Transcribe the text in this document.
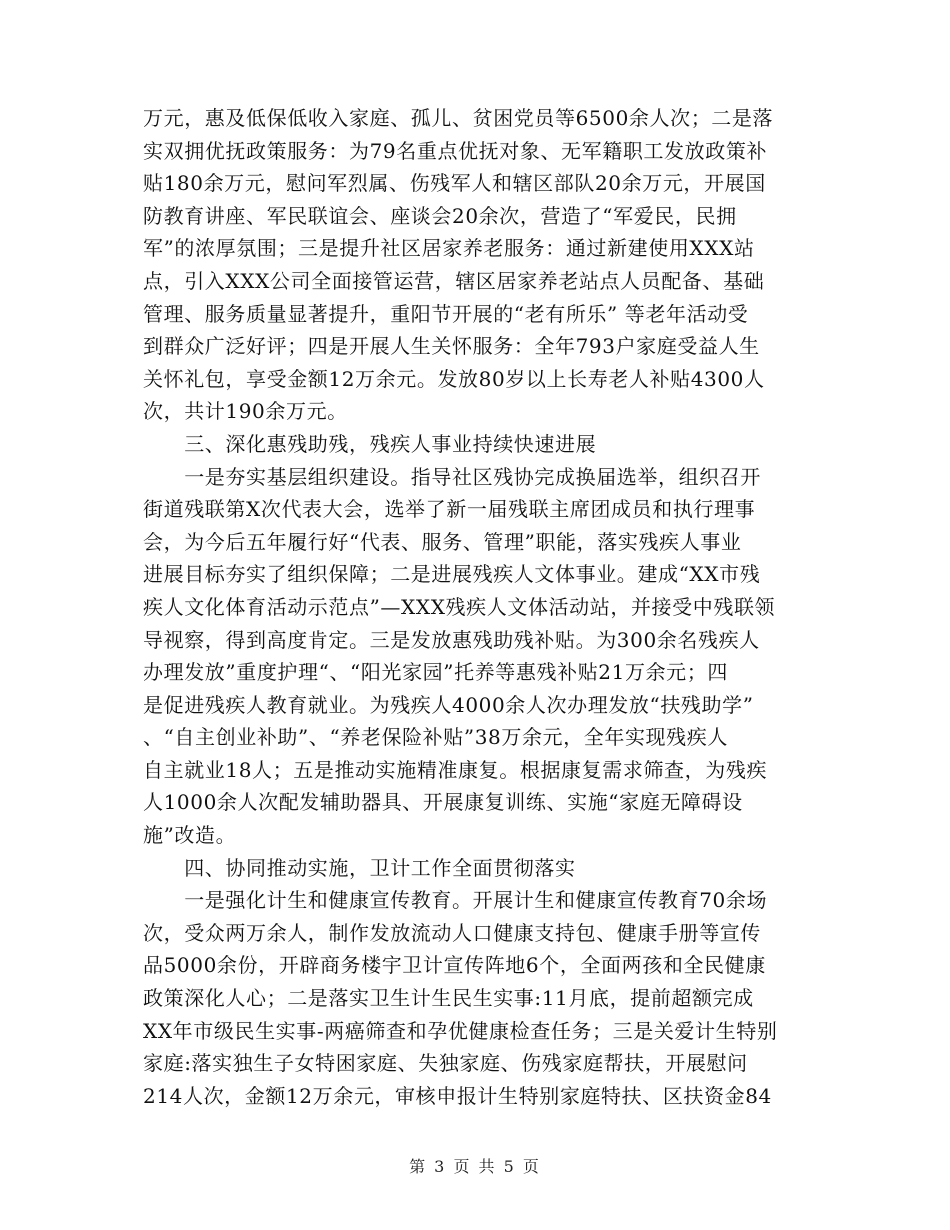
万元，惠及低保低收入家庭、孤儿、贫困党员等6500余人次；二是落
实双拥优抚政策服务：为79名重点优抚对象、无军籍职工发放政策补
贴180余万元，慰问军烈属、伤残军人和辖区部队20余万元，开展国
防教育讲座、军民联谊会、座谈会20余次，营造了“军爱民，民拥
军”的浓厚氛围；三是提升社区居家养老服务：通过新建使用XXX站
点，引入XXX公司全面接管运营，辖区居家养老站点人员配备、基础
管理、服务质量显著提升，重阳节开展的“老有所乐” 等老年活动受
到群众广泛好评；四是开展人生关怀服务：全年793户家庭受益人生
关怀礼包，享受金额12万余元。发放80岁以上长寿老人补贴4300人
次，共计190余万元。
　　三、深化惠残助残，残疾人事业持续快速进展
　　一是夯实基层组织建设。指导社区残协完成换届选举，组织召开
街道残联第X次代表大会，选举了新一届残联主席团成员和执行理事
会，为今后五年履行好“代表、服务、管理”职能，落实残疾人事业
进展目标夯实了组织保障；二是进展残疾人文体事业。建成“XX市残
疾人文化体育活动示范点”—XXX残疾人文体活动站，并接受中残联领
导视察，得到高度肯定。三是发放惠残助残补贴。为300余名残疾人
办理发放”重度护理“、“阳光家园”托养等惠残补贴21万余元；四
是促进残疾人教育就业。为残疾人4000余人次办理发放“扶残助学”
、“自主创业补助”、“养老保险补贴”38万余元，全年实现残疾人
自主就业18人；五是推动实施精准康复。根据康复需求筛查，为残疾
人1000余人次配发辅助器具、开展康复训练、实施“家庭无障碍设
施”改造。
　　四、协同推动实施，卫计工作全面贯彻落实
　　一是强化计生和健康宣传教育。开展计生和健康宣传教育70余场
次，受众两万余人，制作发放流动人口健康支持包、健康手册等宣传
品5000余份，开辟商务楼宇卫计宣传阵地6个，全面两孩和全民健康
政策深化人心；二是落实卫生计生民生实事:11月底，提前超额完成
XX年市级民生实事-两癌筛查和孕优健康检查任务；三是关爱计生特别
家庭:落实独生子女特困家庭、失独家庭、伤残家庭帮扶，开展慰问
214人次，金额12万余元，审核申报计生特别家庭特扶、区扶资金84
第 3 页 共 5 页
